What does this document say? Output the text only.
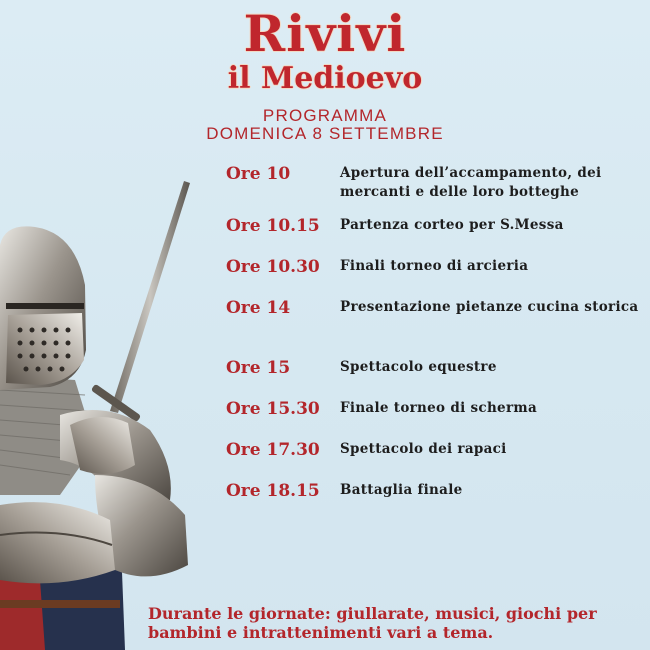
Rivivi
il Medioevo

PROGRAMMA

DOMENICA 8 SETTEMBRE

Ore 10	Apertura dell’accampamento, dei mercanti e delle loro botteghe
Ore 10.15	Partenza corteo per S.Messa
Ore 10.30	Finali torneo di arcieria
Ore 14	Presentazione pietanze cucina storica
Ore 15	Spettacolo equestre
Ore 15.30	Finale torneo di scherma
Ore 17.30	Spettacolo dei rapaci
Ore 18.15	Battaglia finale

Durante le giornate: giullarate, musici, giochi per bambini e intrattenimenti vari a tema.
